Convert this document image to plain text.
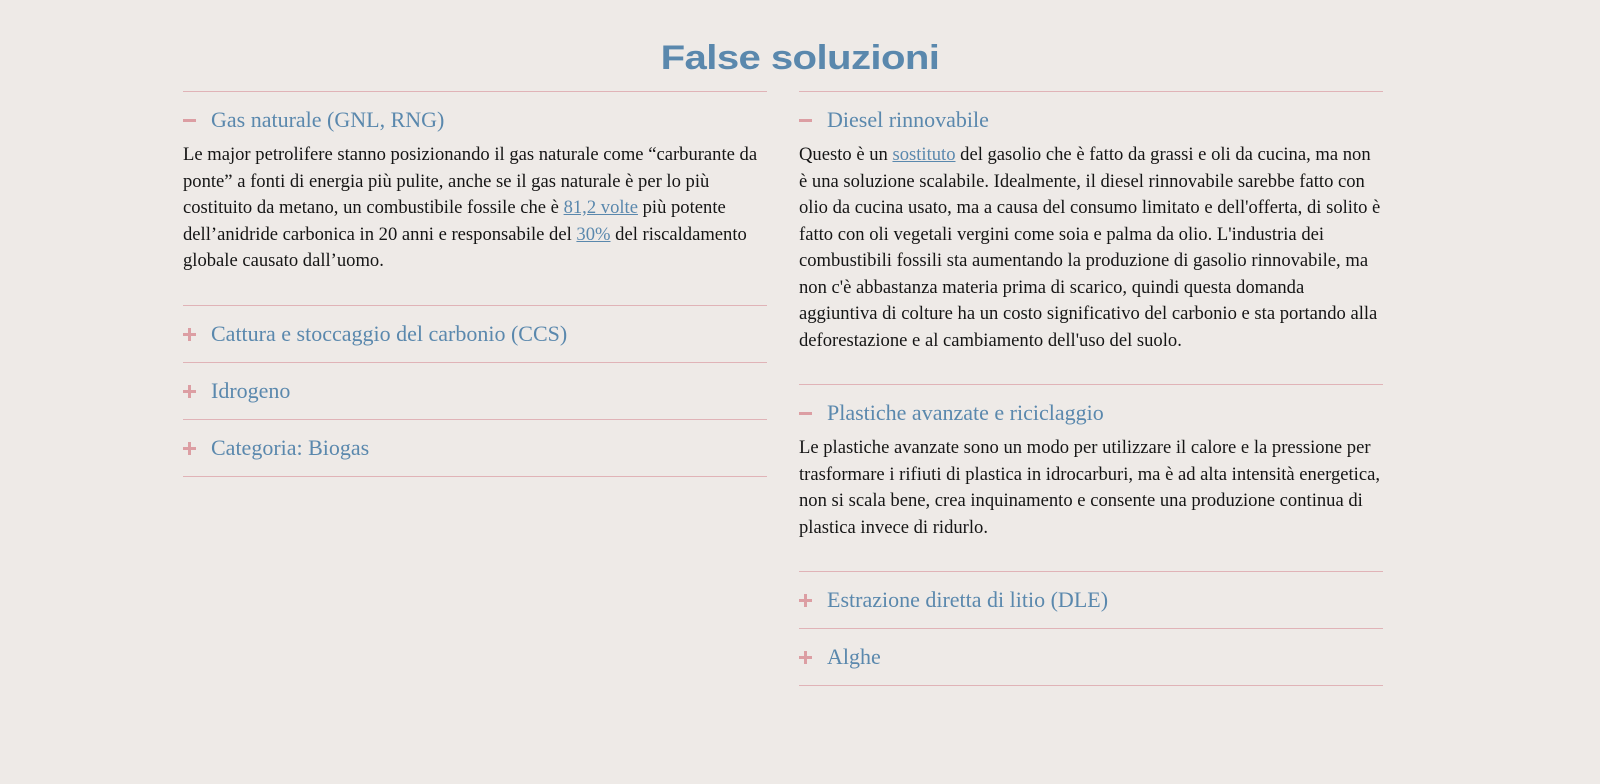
False soluzioni
Gas naturale (GNL, RNG)
Le major petrolifere stanno posizionando il gas naturale come “carburante da ponte” a fonti di energia più pulite, anche se il gas naturale è per lo più costituito da metano, un combustibile fossile che è 81,2 volte più potente dell’anidride carbonica in 20 anni e responsabile del 30% del riscaldamento globale causato dall’uomo.
Cattura e stoccaggio del carbonio (CCS)
Idrogeno
Categoria: Biogas
Diesel rinnovabile
Questo è un sostituto del gasolio che è fatto da grassi e oli da cucina, ma non è una soluzione scalabile. Idealmente, il diesel rinnovabile sarebbe fatto con olio da cucina usato, ma a causa del consumo limitato e dell'offerta, di solito è fatto con oli vegetali vergini come soia e palma da olio. L'industria dei combustibili fossili sta aumentando la produzione di gasolio rinnovabile, ma non c'è abbastanza materia prima di scarico, quindi questa domanda aggiuntiva di colture ha un costo significativo del carbonio e sta portando alla deforestazione e al cambiamento dell'uso del suolo.
Plastiche avanzate e riciclaggio
Le plastiche avanzate sono un modo per utilizzare il calore e la pressione per trasformare i rifiuti di plastica in idrocarburi, ma è ad alta intensità energetica, non si scala bene, crea inquinamento e consente una produzione continua di plastica invece di ridurlo.
Estrazione diretta di litio (DLE)
Alghe
